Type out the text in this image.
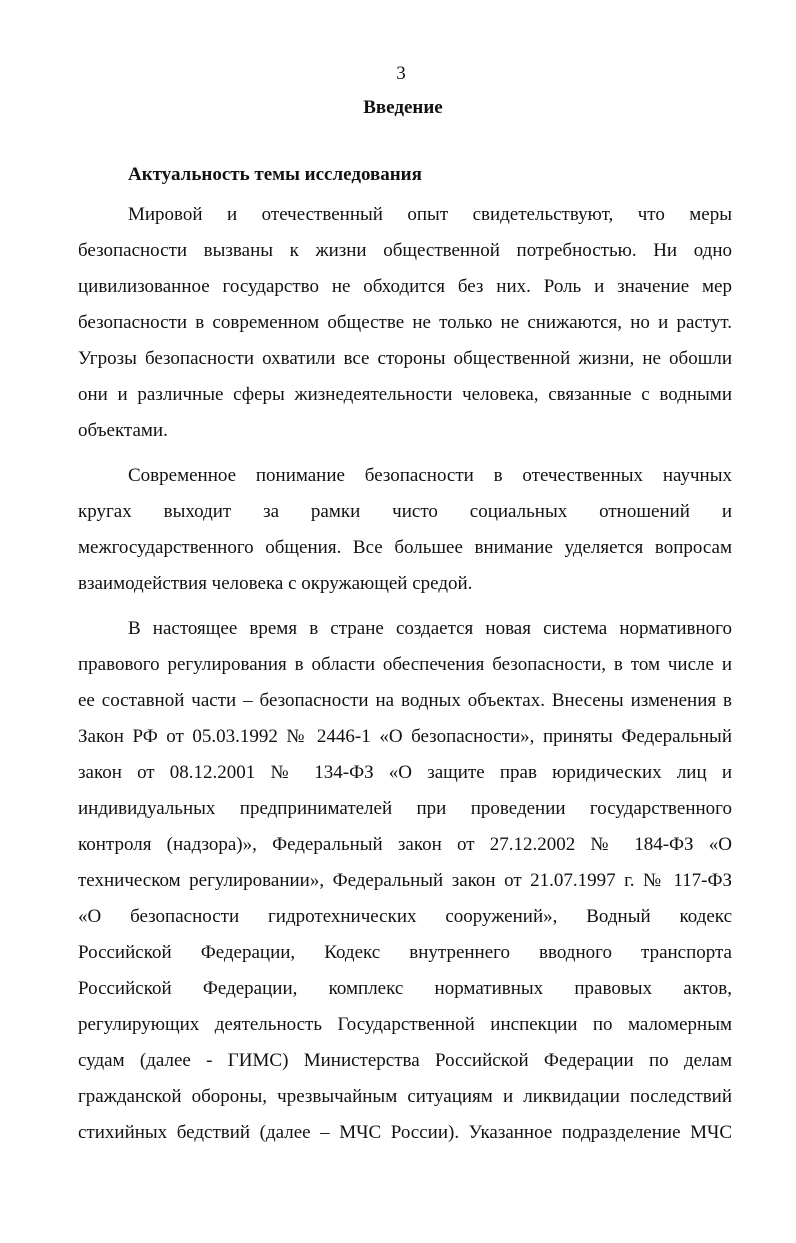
3
Введение
Актуальность темы исследования
Мировой и отечественный опыт свидетельствуют, что меры
безопасности вызваны к жизни общественной потребностью. Ни одно
цивилизованное государство не обходится без них. Роль и значение мер
безопасности в современном обществе не только не снижаются, но и растут.
Угрозы безопасности охватили все стороны общественной жизни, не обошли
они и различные сферы жизнедеятельности человека, связанные с водными
объектами.
Современное понимание безопасности в отечественных научных
кругах выходит за рамки чисто социальных отношений и
межгосударственного общения. Все большее внимание уделяется вопросам
взаимодействия человека с окружающей средой.
В настоящее время в стране создается новая система нормативного
правового регулирования в области обеспечения безопасности, в том числе и
ее составной части – безопасности на водных объектах. Внесены изменения в
Закон РФ от 05.03.1992 № 2446-1 «О безопасности», приняты Федеральный
закон от 08.12.2001 № 134-ФЗ «О защите прав юридических лиц и
индивидуальных предпринимателей при проведении государственного
контроля (надзора)», Федеральный закон от 27.12.2002 № 184-ФЗ «О
техническом регулировании», Федеральный закон от 21.07.1997 г. № 117-ФЗ
«О безопасности гидротехнических сооружений», Водный кодекс
Российской Федерации, Кодекс внутреннего вводного транспорта
Российской Федерации, комплекс нормативных правовых актов,
регулирующих деятельность Государственной инспекции по маломерным
судам (далее - ГИМС) Министерства Российской Федерации по делам
гражданской обороны, чрезвычайным ситуациям и ликвидации последствий
стихийных бедствий (далее – МЧС России). Указанное подразделение МЧС
